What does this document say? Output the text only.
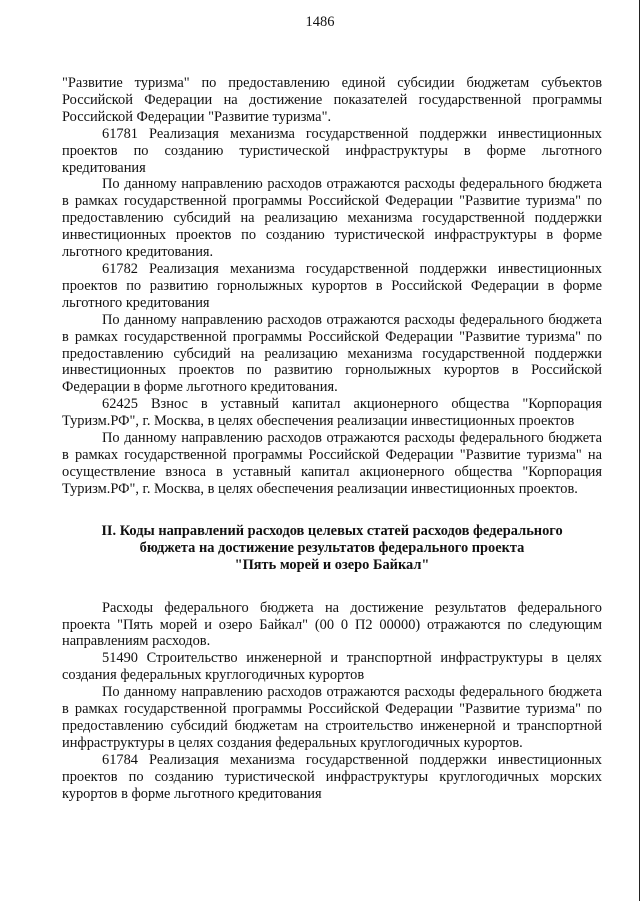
1486

"Развитие туризма" по предоставлению единой субсидии бюджетам субъектов Российской Федерации на достижение показателей государственной программы Российской Федерации "Развитие туризма".

61781 Реализация механизма государственной поддержки инвестиционных проектов по созданию туристической инфраструктуры в форме льготного кредитования

По данному направлению расходов отражаются расходы федерального бюджета в рамках государственной программы Российской Федерации "Развитие туризма" по предоставлению субсидий на реализацию механизма государственной поддержки инвестиционных проектов по созданию туристической инфраструктуры в форме льготного кредитования.

61782 Реализация механизма государственной поддержки инвестиционных проектов по развитию горнолыжных курортов в Российской Федерации в форме льготного кредитования

По данному направлению расходов отражаются расходы федерального бюджета в рамках государственной программы Российской Федерации "Развитие туризма" по предоставлению субсидий на реализацию механизма государственной поддержки инвестиционных проектов по развитию горнолыжных курортов в Российской Федерации в форме льготного кредитования.

62425 Взнос в уставный капитал акционерного общества "Корпорация Туризм.РФ", г. Москва, в целях обеспечения реализации инвестиционных проектов

По данному направлению расходов отражаются расходы федерального бюджета в рамках государственной программы Российской Федерации "Развитие туризма" на осуществление взноса в уставный капитал акционерного общества "Корпорация Туризм.РФ", г. Москва, в целях обеспечения реализации инвестиционных проектов.

II. Коды направлений расходов целевых статей расходов федерального
бюджета на достижение результатов федерального проекта
"Пять морей и озеро Байкал"

Расходы федерального бюджета на достижение результатов федерального проекта "Пять морей и озеро Байкал" (00 0 П2 00000) отражаются по следующим направлениям расходов.

51490 Строительство инженерной и транспортной инфраструктуры в целях создания федеральных круглогодичных курортов

По данному направлению расходов отражаются расходы федерального бюджета в рамках государственной программы Российской Федерации "Развитие туризма" по предоставлению субсидий бюджетам на строительство инженерной и транспортной инфраструктуры в целях создания федеральных круглогодичных курортов.

61784 Реализация механизма государственной поддержки инвестиционных проектов по созданию туристической инфраструктуры круглогодичных морских курортов в форме льготного кредитования
